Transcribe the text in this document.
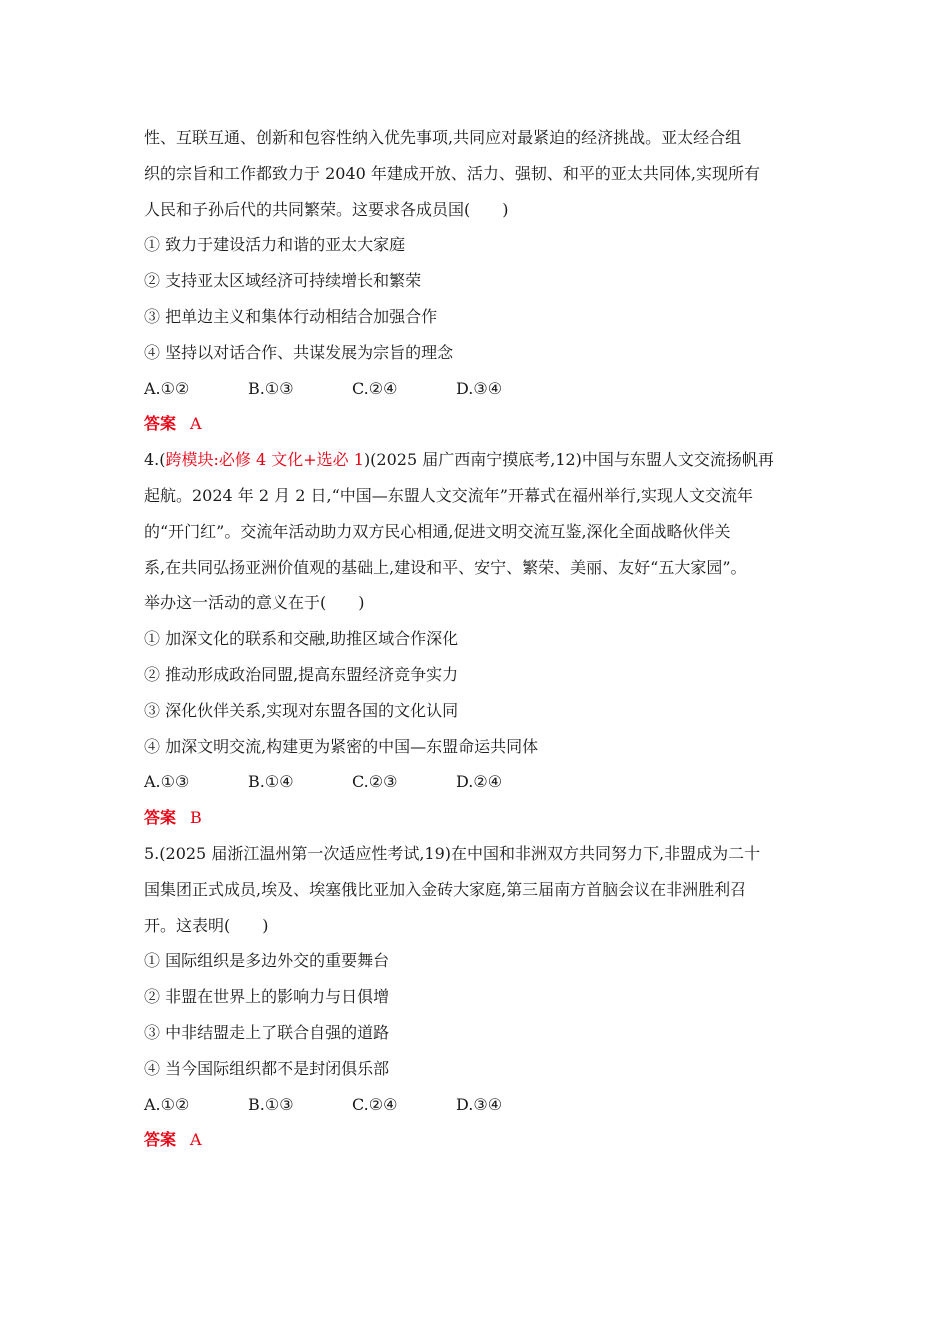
性、互联互通、创新和包容性纳入优先事项,共同应对最紧迫的经济挑战。亚太经合组
织的宗旨和工作都致力于 2040 年建成开放、活力、强韧、和平的亚太共同体,实现所有
人民和子孙后代的共同繁荣。这要求各成员国(　　)
① 致力于建设活力和谐的亚太大家庭
② 支持亚太区域经济可持续增长和繁荣
③ 把单边主义和集体行动相结合加强合作
④ 坚持以对话合作、共谋发展为宗旨的理念
A.①②	B.①③	C.②④	D.③④
答案 A
4.(跨模块:必修 4 文化+选必 1)(2025 届广西南宁摸底考,12)中国与东盟人文交流扬帆再
起航。2024 年 2 月 2 日,“中国—东盟人文交流年”开幕式在福州举行,实现人文交流年
的“开门红”。交流年活动助力双方民心相通,促进文明交流互鉴,深化全面战略伙伴关
系,在共同弘扬亚洲价值观的基础上,建设和平、安宁、繁荣、美丽、友好“五大家园”。
举办这一活动的意义在于(　　)
① 加深文化的联系和交融,助推区域合作深化
② 推动形成政治同盟,提高东盟经济竞争实力
③ 深化伙伴关系,实现对东盟各国的文化认同
④ 加深文明交流,构建更为紧密的中国—东盟命运共同体
A.①③	B.①④	C.②③	D.②④
答案 B
5.(2025 届浙江温州第一次适应性考试,19)在中国和非洲双方共同努力下,非盟成为二十
国集团正式成员,埃及、埃塞俄比亚加入金砖大家庭,第三届南方首脑会议在非洲胜利召
开。这表明(　　)
① 国际组织是多边外交的重要舞台
② 非盟在世界上的影响力与日俱增
③ 中非结盟走上了联合自强的道路
④ 当今国际组织都不是封闭俱乐部
A.①②	B.①③	C.②④	D.③④
答案 A
